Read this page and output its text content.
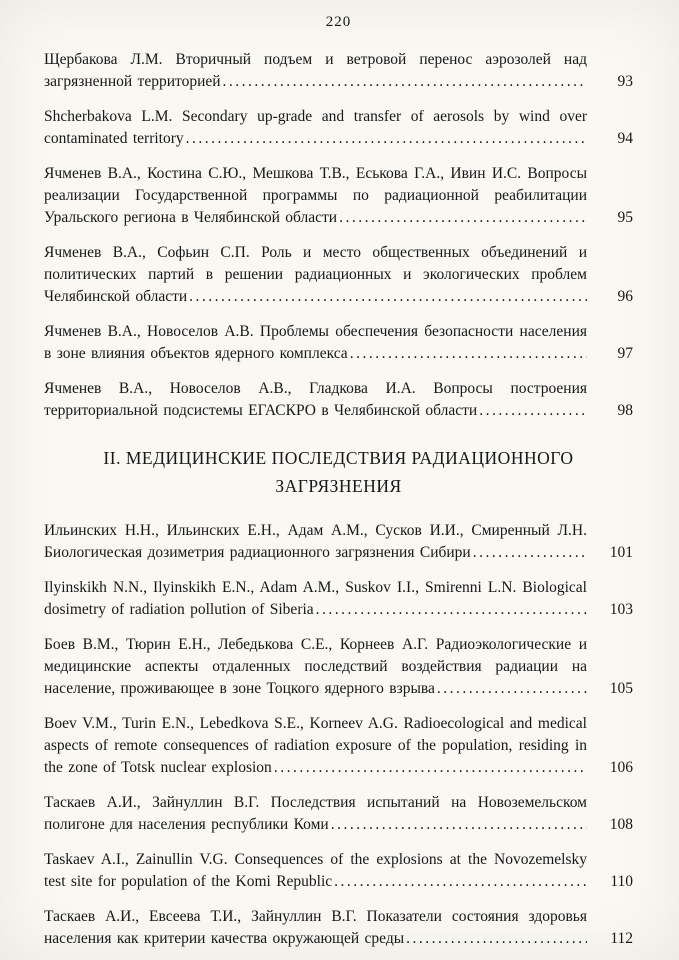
220

Щербакова Л.М. Вторичный подъем и ветровой перенос аэрозолей над загрязненной территорией	93

Shcherbakova L.M. Secondary up-grade and transfer of aerosols by wind over contaminated territory	94

Ячменев В.А., Костина С.Ю., Мешкова Т.В., Еськова Г.А., Ивин И.С. Вопросы реализации Государственной программы по радиационной реабилитации Уральского региона в Челябинской области	95

Ячменев В.А., Софьин С.П. Роль и место общественных объединений и политических партий в решении радиационных и экологических проблем Челябинской области	96

Ячменев В.А., Новоселов А.В. Проблемы обеспечения безопасности населения в зоне влияния объектов ядерного комплекса	97

Ячменев В.А., Новоселов А.В., Гладкова И.А. Вопросы построения территориальной подсистемы ЕГАСКРО в Челябинской области	98
II. МЕДИЦИНСКИЕ ПОСЛЕДСТВИЯ РАДИАЦИОННОГО ЗАГРЯЗНЕНИЯ

Ильинских Н.Н., Ильинских Е.Н., Адам А.М., Сусков И.И., Смиренный Л.Н. Биологическая дозиметрия радиационного загрязнения Сибири	101

Ilyinskikh N.N., Ilyinskikh E.N., Adam A.M., Suskov I.I., Smirenni L.N. Biological dosimetry of radiation pollution of Siberia	103

Боев В.М., Тюрин Е.Н., Лебедькова С.Е., Корнеев А.Г. Радиоэкологические и медицинские аспекты отдаленных последствий воздействия радиации на население, проживающее в зоне Тоцкого ядерного взрыва	105

Boev V.M., Turin E.N., Lebedkova S.E., Korneev A.G. Radioecological and medical aspects of remote consequences of radiation exposure of the population, residing in the zone of Totsk nuclear explosion	106

Таскаев А.И., Зайнуллин В.Г. Последствия испытаний на Новоземельском полигоне для населения республики Коми	108

Taskaev A.I., Zainullin V.G. Consequences of the explosions at the Novozemelsky test site for population of the Komi Republic	110

Таскаев А.И., Евсеева Т.И., Зайнуллин В.Г. Показатели состояния здоровья населения как критерии качества окружающей среды	112
